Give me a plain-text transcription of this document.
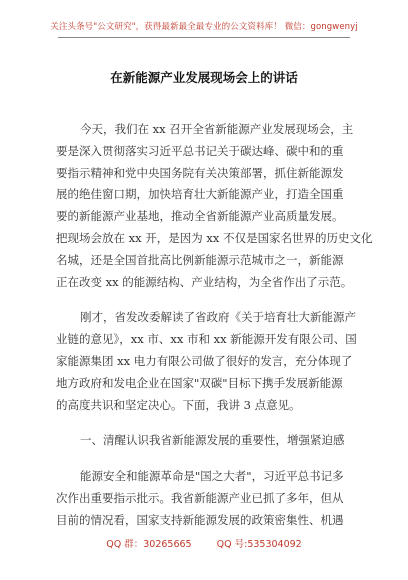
关注头条号"公文研究"，获得最新最全最专业的公文资料库！ 微信：gongwenyj
在新能源产业发展现场会上的讲话
今天，我们在 xx 召开全省新能源产业发展现场会，主
要是深入贯彻落实习近平总书记关于碳达峰、碳中和的重
要指示精神和党中央国务院有关决策部署，抓住新能源发
展的绝佳窗口期，加快培育壮大新能源产业，打造全国重
要的新能源产业基地，推动全省新能源产业高质量发展。
把现场会放在 xx 开，是因为 xx 不仅是国家名世界的历史文化
名城，还是全国首批高比例新能源示范城市之一，新能源
正在改变 xx 的能源结构、产业结构，为全省作出了示范。
刚才，省发改委解读了省政府《关于培育壮大新能源产
业链的意见》，xx 市、xx 市和 xx 新能源开发有限公司、国
家能源集团 xx 电力有限公司做了很好的发言，充分体现了
地方政府和发电企业在国家"双碳"目标下携手发展新能源
的高度共识和坚定决心。下面，我讲 3 点意见。
一、清醒认识我省新能源发展的重要性，增强紧迫感
能源安全和能源革命是"国之大者"，习近平总书记多
次作出重要指示批示。我省新能源产业已抓了多年，但从
目前的情况看，国家支持新能源发展的政策密集性、机遇
QQ 群：30265665	QQ 号:535304092
